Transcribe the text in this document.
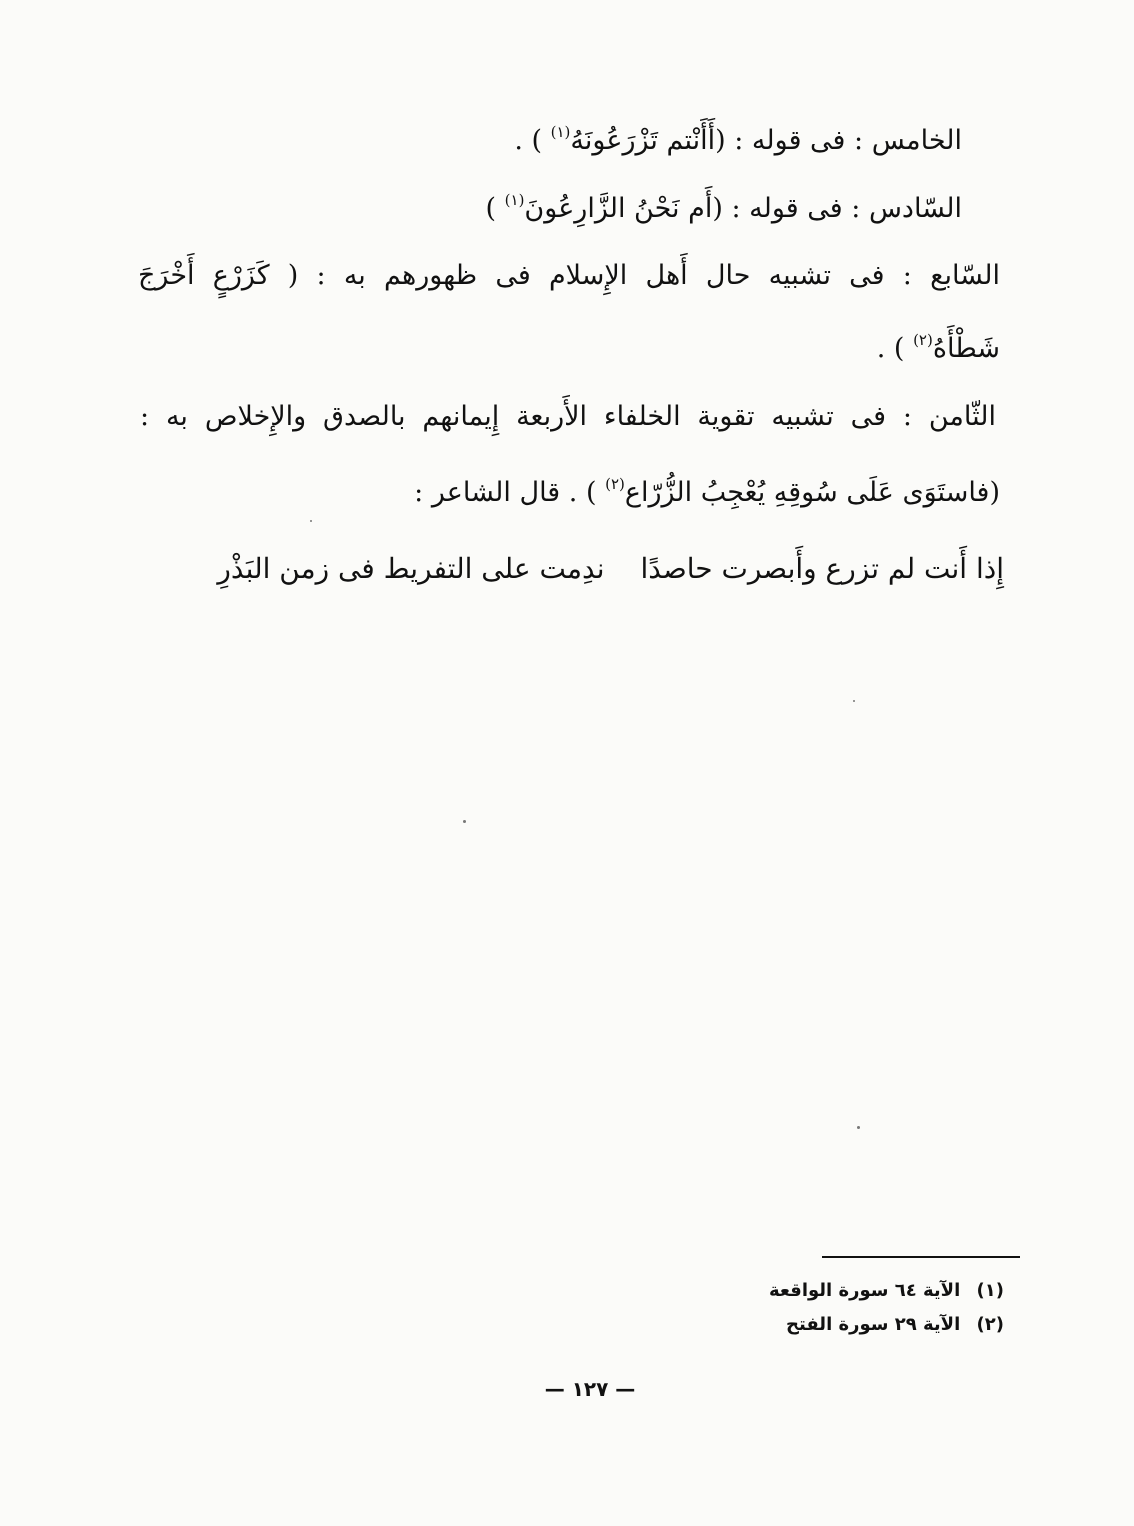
الخامس : فى قوله : (أَأَنْتم تَزْرَعُونَهُ$^{(١)}$ ) .
السّادس : فى قوله : (أَم نَحْنُ الزَّارِعُونَ$^{(١)}$ )
السّابع : فى تشبيه حال أَهل الإِسلام فى ظهورهم به : ( كَزَرْعٍ أَخْرَجَ
شَطْأَهُ$^{(٢)}$ ) .
الثّامن : فى تشبيه تقوية الخلفاء الأَربعة إِيمانهم بالصدق والإِخلاص به :
(فاستَوَى عَلَى سُوقِهِ يُعْجِبُ الزُّرّاع$^{(٢)}$ ) . قال الشاعر :
إِذا أَنت لم تزرع وأَبصرت حاصدًاندِمت على التفريط فى زمن البَذْرِ
(١) الآية ٦٤ سورة الواقعة
(٢) الآية ٢٩ سورة الفتح
— ١٢٧ —
